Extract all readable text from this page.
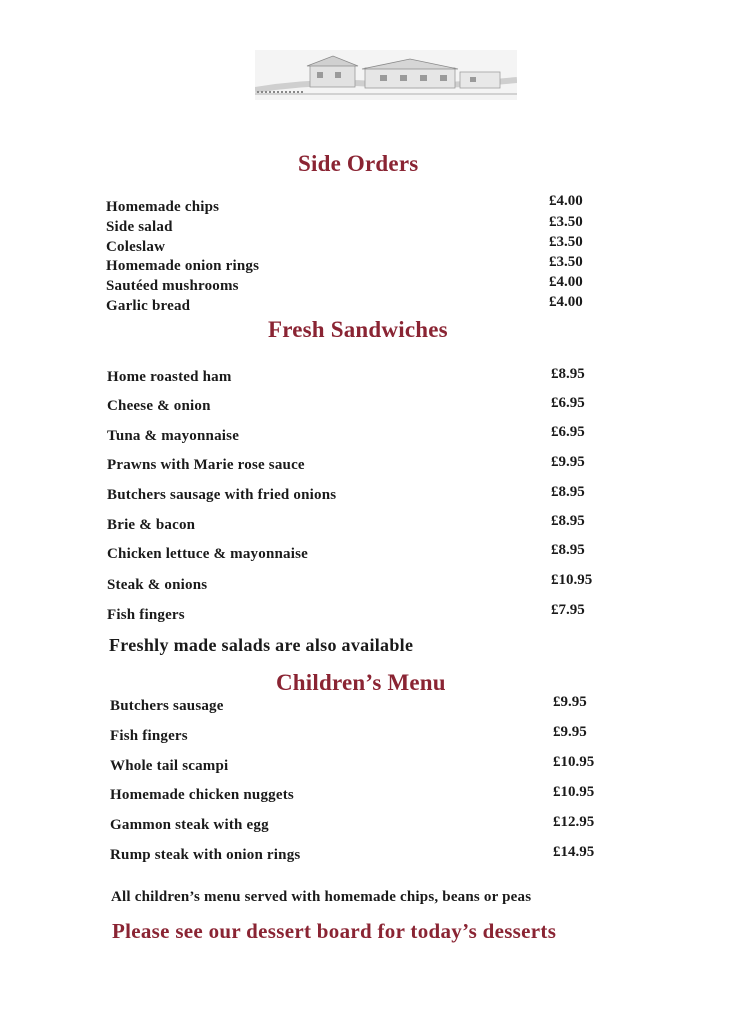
Side Orders
Homemade chips
Side salad
Coleslaw
Homemade onion rings
Sautéed mushrooms
Garlic bread
£4.00
£3.50
£3.50
£3.50
£4.00
£4.00
Fresh Sandwiches
Home roasted ham
Cheese & onion
Tuna & mayonnaise
Prawns with Marie rose sauce
Butchers sausage with fried onions
Brie & bacon
Chicken lettuce & mayonnaise
Steak & onions
Fish fingers
£8.95
£6.95
£6.95
£9.95
£8.95
£8.95
£8.95
£10.95
£7.95
Freshly made salads are also available
Children’s Menu
Butchers sausage
Fish fingers
Whole tail scampi
Homemade chicken nuggets
Gammon steak with egg
Rump steak with onion rings
£9.95
£9.95
£10.95
£10.95
£12.95
£14.95
All children’s menu served with homemade chips, beans or peas
Please see our dessert board for today’s desserts
